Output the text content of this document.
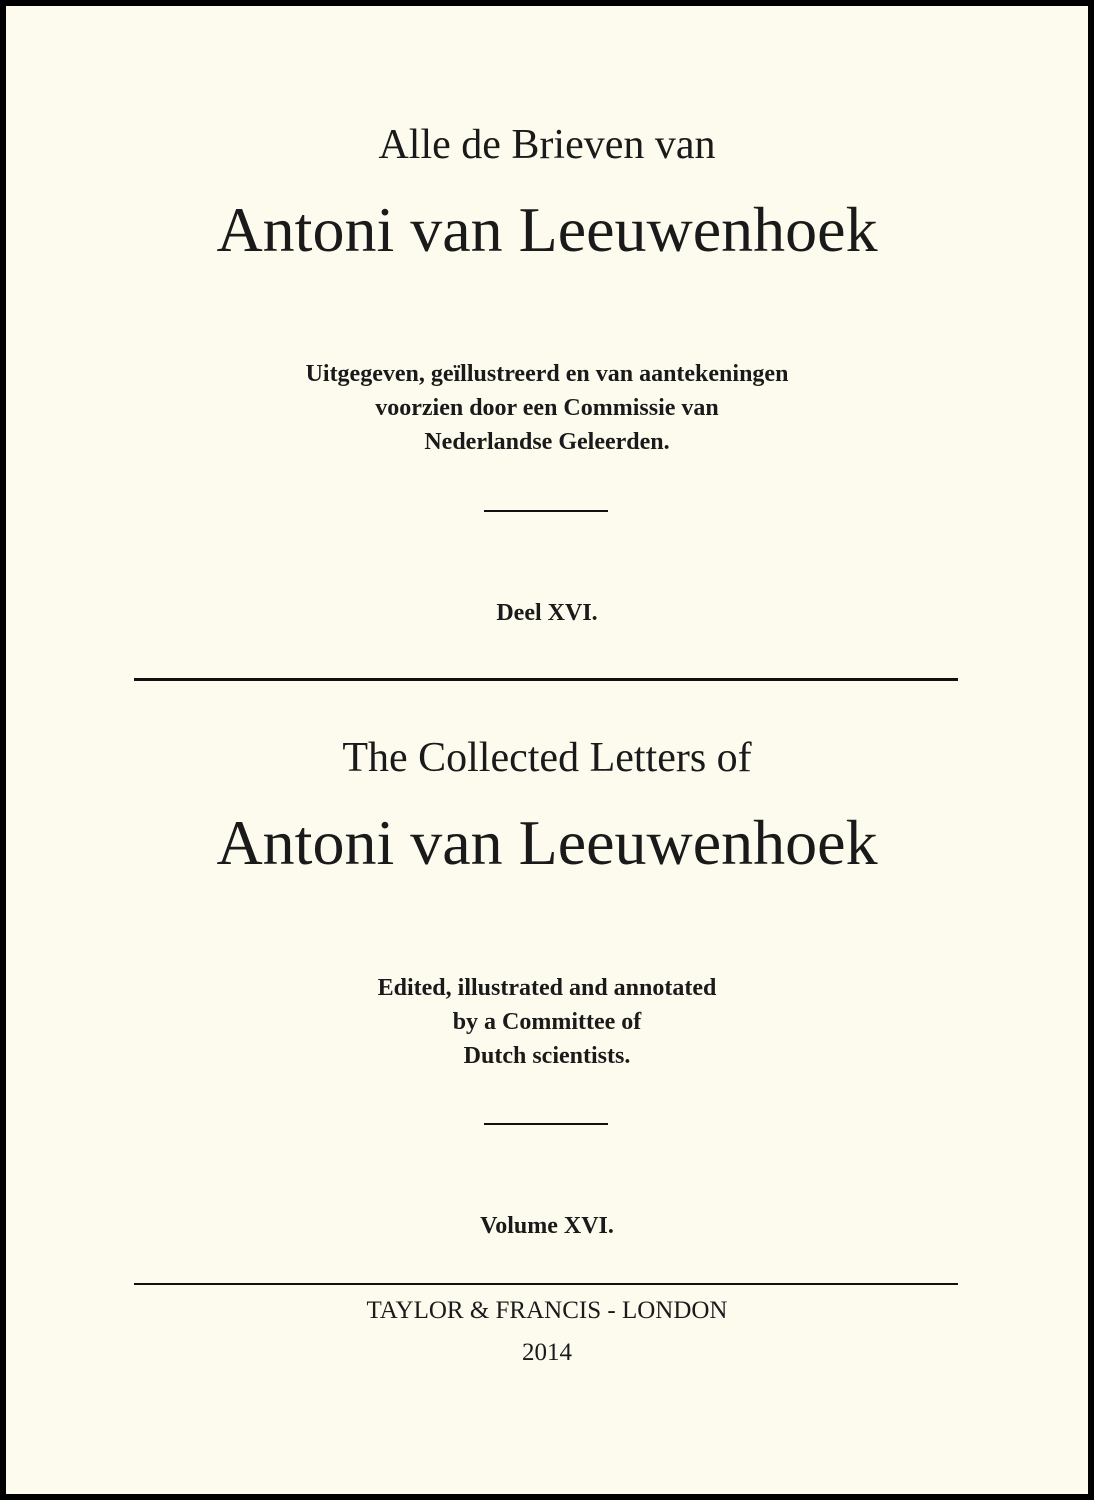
Alle de Brieven van
Antoni van Leeuwenhoek
Uitgegeven, geïllustreerd en van aantekeningen
voorzien door een Commissie van
Nederlandse Geleerden.
Deel XVI.
The Collected Letters of
Antoni van Leeuwenhoek
Edited, illustrated and annotated
by a Committee of
Dutch scientists.
Volume XVI.
TAYLOR & FRANCIS - LONDON
2014
